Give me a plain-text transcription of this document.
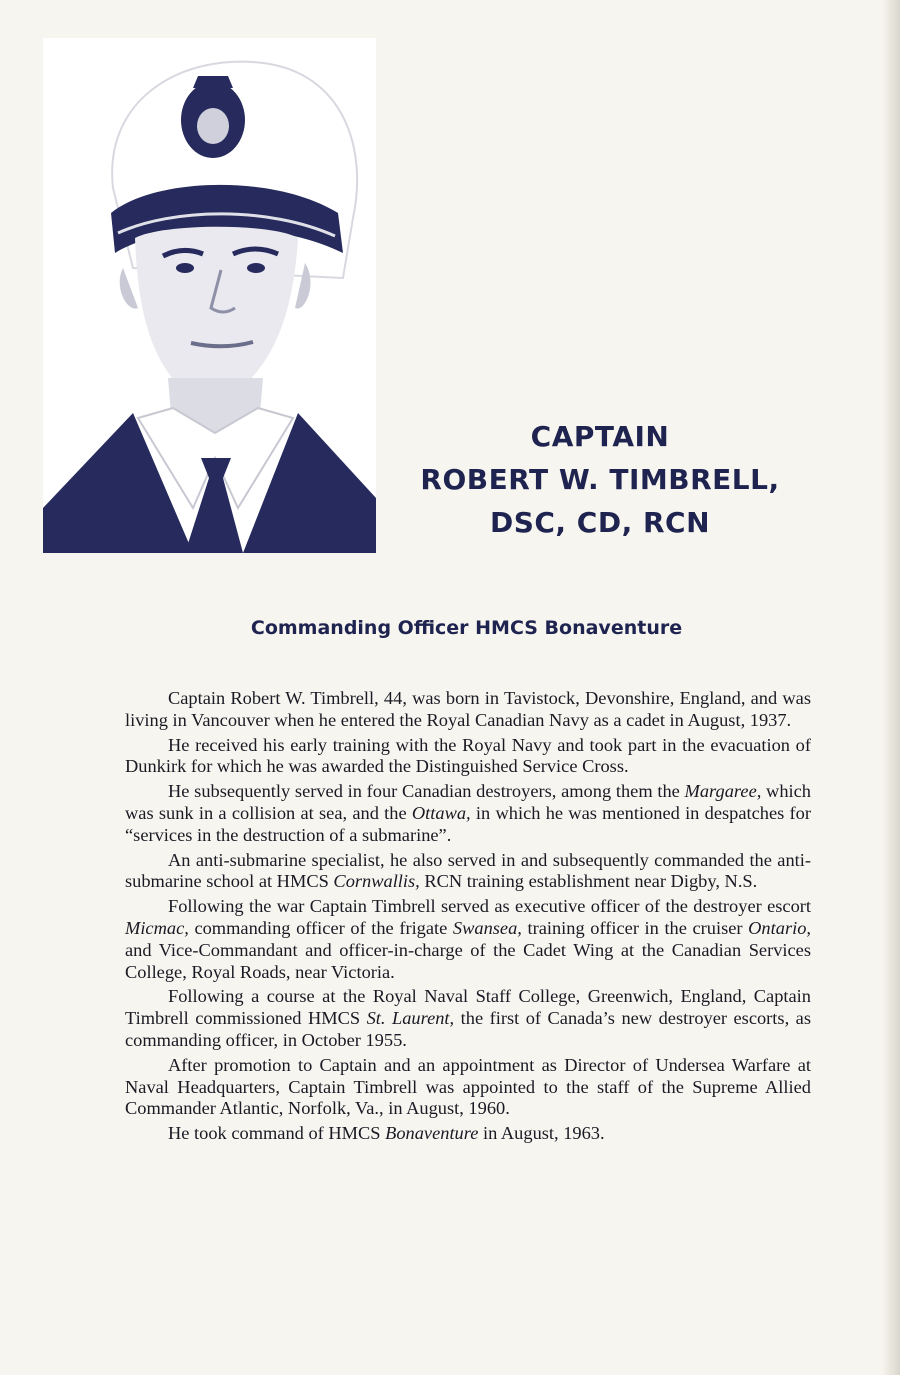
CAPTAIN
ROBERT W. TIMBRELL,
DSC, CD, RCN
Commanding Officer HMCS Bonaventure

Captain Robert W. Timbrell, 44, was born in Tavistock, Devonshire, England, and was living in Vancouver when he entered the Royal Canadian Navy as a cadet in August, 1937.

He received his early training with the Royal Navy and took part in the evacuation of Dunkirk for which he was awarded the Distinguished Service Cross.

He subsequently served in four Canadian destroyers, among them the Margaree, which was sunk in a collision at sea, and the Ottawa, in which he was mentioned in despatches for “services in the destruction of a submarine”.

An anti-submarine specialist, he also served in and subsequently commanded the anti-submarine school at HMCS Cornwallis, RCN training establishment near Digby, N.S.

Following the war Captain Timbrell served as executive officer of the destroyer escort Micmac, commanding officer of the frigate Swansea, training officer in the cruiser Ontario, and Vice-Commandant and officer-in-charge of the Cadet Wing at the Canadian Services College, Royal Roads, near Victoria.

Following a course at the Royal Naval Staff College, Greenwich, England, Captain Timbrell commissioned HMCS St. Laurent, the first of Canada’s new destroyer escorts, as commanding officer, in October 1955.

After promotion to Captain and an appointment as Director of Undersea Warfare at Naval Headquarters, Captain Timbrell was appointed to the staff of the Supreme Allied Commander Atlantic, Norfolk, Va., in August, 1960.

He took command of HMCS Bonaventure in August, 1963.
